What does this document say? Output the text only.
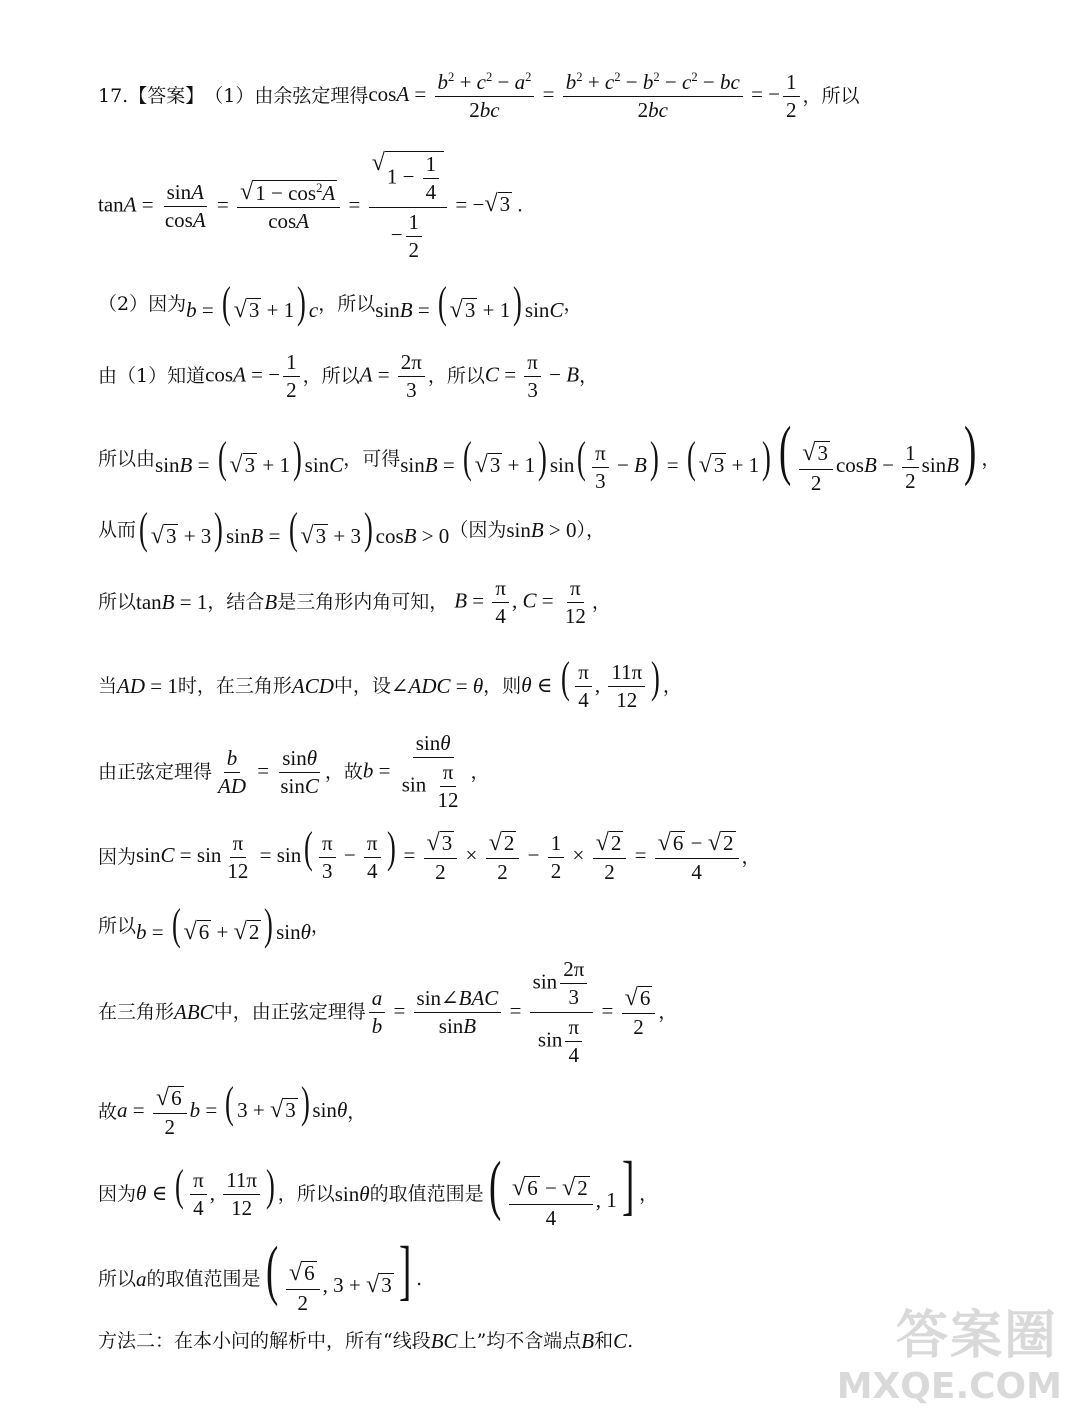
17. 【答案】 （1） 由余弦定理得 $\cos A = \frac{b^2 + c^2 - a^2}{2bc} = \frac{b^2 + c^2 - b^2 - c^2 - bc}{2bc}$ = − $\frac{1}{2}$ ，所以
$\tan A = \frac{\sin A}{\cos A} = \frac{√ 1 - \cos^2A}{\cos A}$ = √
$1 - \frac{1}{4}$
− $\frac{1}{2}$ = − √ 3 .
（2） 因为 b = ( √ 3 + 1) c ，所以 sinB = ( √ 3 + 1) sinC ，
由（1）知道 cosA = − $\frac{1}{2}$ ，所以 $A = \frac{2\pi}{3}$ ，所以 $C = \frac{\pi}{3} - B$ ，
所以由 sinB = ( √ 3 + 1) sinC ，可得 sinB = ( √ 3 + 1) $\sin( \frac{\pi}{3} - B)$ = ( √ 3 + 1) ( $\frac{√ 3}{2}$ $\cos B - \frac{1}{2} \sin B$) ，
从而 ( √ 3 + 3) sinB = ( √ 3 + 3) cosB > 0 （因为 sinB > 0 ），
所以 tanB = 1 ，结合 B 是三角形内角可知， $B = \frac{\pi}{4}$ , $C = \frac{\pi}{12}$ ，
当 AD = 1 时，在三角形 ACD 中，设 ∠ADC = θ ，则 θ ∈ ( $\frac{\pi}{4}$ , $\frac{11\pi}{12}$ ) ，
由正弦定理得 $\frac{b}{AD} = \frac{\sin\theta}{\sin C}$ ，故 $b = \frac{\sin\theta}{\sin \frac{\pi}{12}}$ ，
因为 $\sin C = \sin \frac{\pi}{12} = \sin( \frac{\pi}{3} - \frac{\pi}{4}$ ) = $\frac{√ 3}{2} \times \frac{√ 2}{2} - \frac{1}{2} \times \frac{√ 2}{2} = \frac{√ 6 - √ 2}{4}$ ，
所以 b = ( √ 6 + √ 2 ) sinθ ，
在三角形 ABC 中，由正弦定理得 $\frac{a}{b} = \frac{\text{sin∠BAC}}{\sin B} = \frac{\sin \frac{2\pi}{3}}{\sin \frac{\pi}{4}} = \frac{√ 6}{2}$ ，
故 $a = \frac{√ 6}{2}$ b = ( 3 + √ 3 ) sinθ ，
因为 θ ∈ ( $\frac{\pi}{4}$ , $\frac{11\pi}{12}$ ) ，所以 sinθ 的取值范围是 ( $\frac{√ 6 - √ 2}{4}$ , 1] ，
所以 a 的取值范围是 ( $\frac{√ 6}{2}$ , 3 + √ 3 ] .
方法二：在本小问的解析中，所有“线段 BC 上”均不含端点 B 和 C .	答案圈
MXQE.COM
